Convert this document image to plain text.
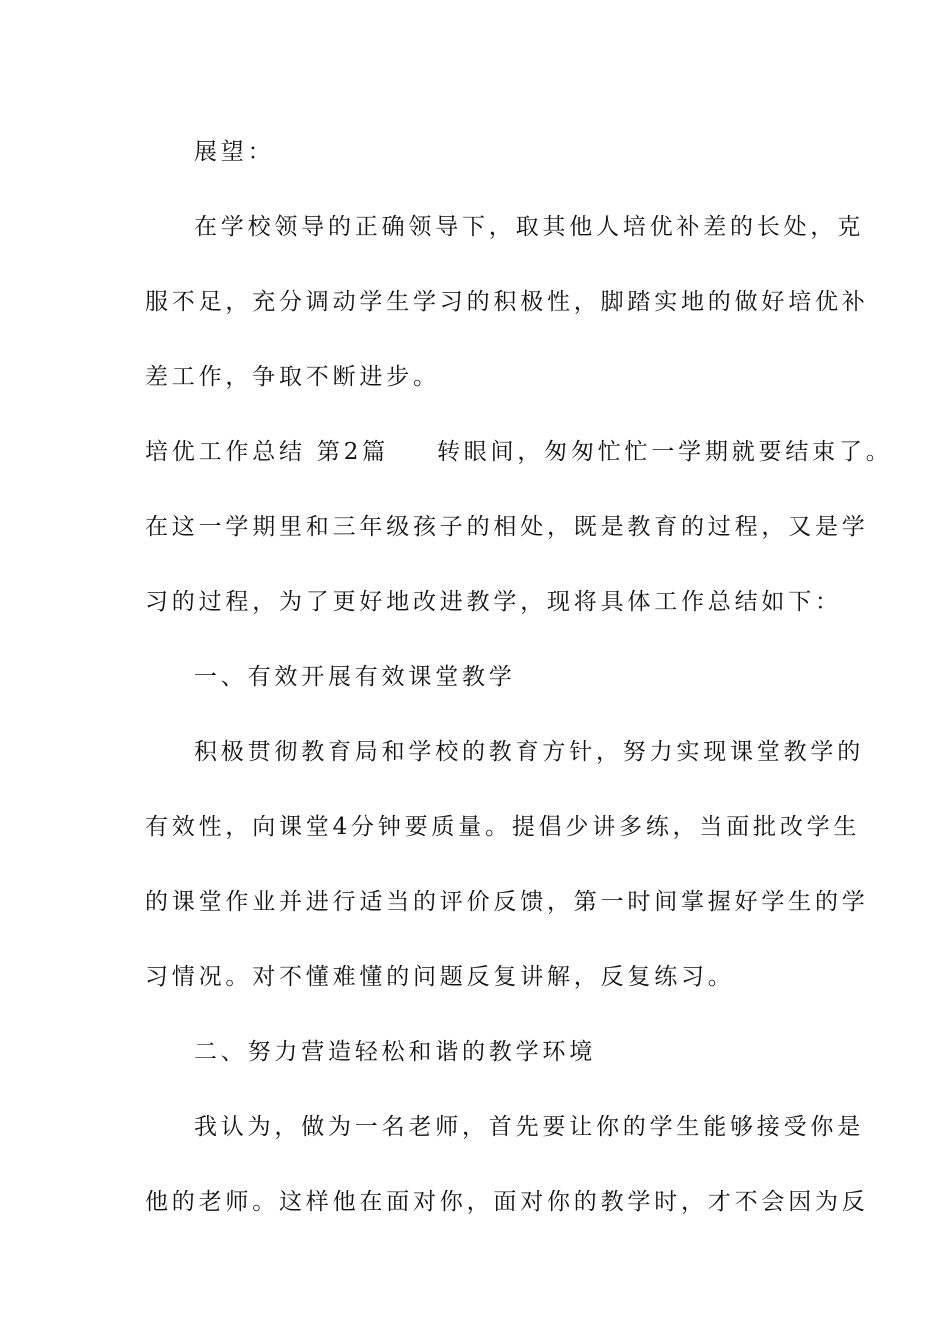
展望：
在学校领导的正确领导下，取其他人培优补差的长处，克
服不足，充分调动学生学习的积极性，脚踏实地的做好培优补
差工作，争取不断进步。
培优工作总结 第2篇 转眼间，匆匆忙忙一学期就要结束了。
在这一学期里和三年级孩子的相处，既是教育的过程，又是学
习的过程，为了更好地改进教学，现将具体工作总结如下：
一、有效开展有效课堂教学
积极贯彻教育局和学校的教育方针，努力实现课堂教学的
有效性，向课堂4分钟要质量。提倡少讲多练，当面批改学生
的课堂作业并进行适当的评价反馈，第一时间掌握好学生的学
习情况。对不懂难懂的问题反复讲解，反复练习。
二、努力营造轻松和谐的教学环境
我认为，做为一名老师，首先要让你的学生能够接受你是
他的老师。这样他在面对你，面对你的教学时，才不会因为反
